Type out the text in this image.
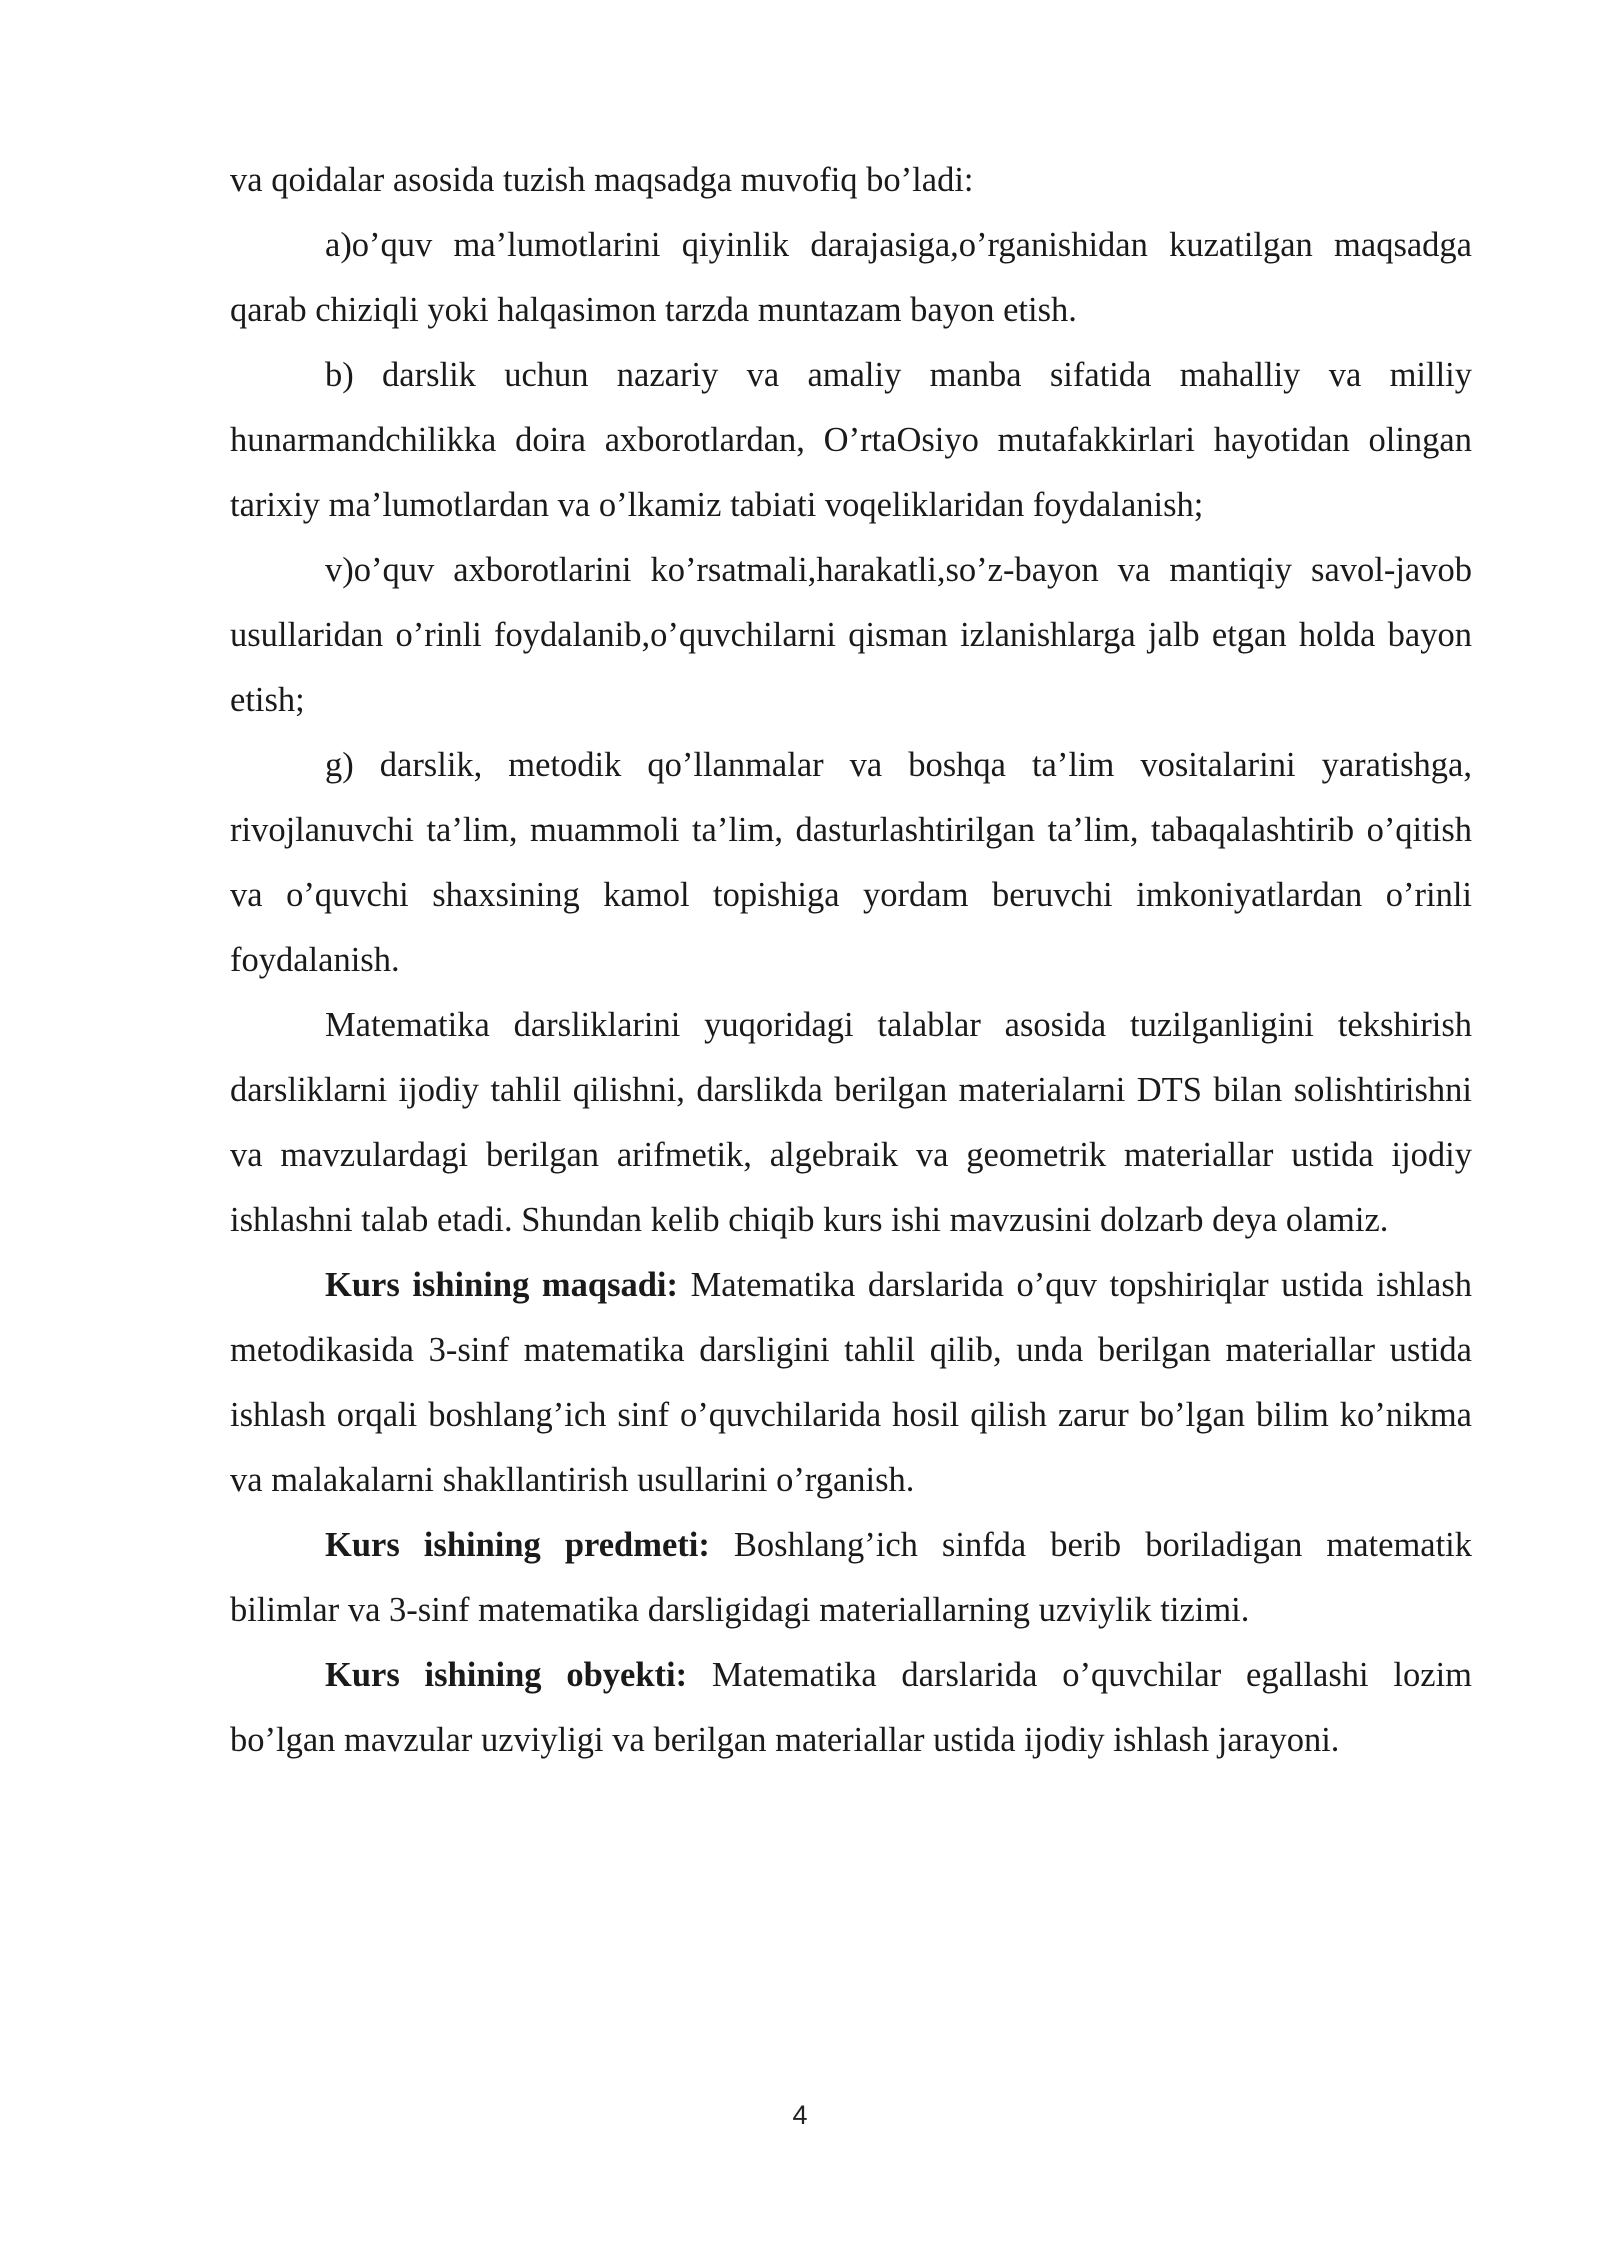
va qoidalar asosida tuzish maqsadga muvofiq bo’ladi:

a)o’quv ma’lumotlarini qiyinlik darajasiga,o’rganishidan kuzatilgan maqsadga qarab chiziqli yoki halqasimon tarzda muntazam bayon etish.

b) darslik uchun nazariy va amaliy manba sifatida mahalliy va milliy hunarmandchilikka doira axborotlardan, O’rtaOsiyo mutafakkirlari hayotidan olingan tarixiy ma’lumotlardan va o’lkamiz tabiati voqeliklaridan foydalanish;

v)o’quv axborotlarini ko’rsatmali,harakatli,so’z-bayon va mantiqiy savol-javob usullaridan o’rinli foydalanib,o’quvchilarni qisman izlanishlarga jalb etgan holda bayon etish;

g) darslik, metodik qo’llanmalar va boshqa ta’lim vositalarini yaratishga, rivojlanuvchi ta’lim, muammoli ta’lim, dasturlashtirilgan ta’lim, tabaqalashtirib o’qitish va o’quvchi shaxsining kamol topishiga yordam beruvchi imkoniyatlardan o’rinli foydalanish.

Matematika darsliklarini yuqoridagi talablar asosida tuzilganligini tekshirish darsliklarni ijodiy tahlil qilishni, darslikda berilgan materialarni DTS bilan solishtirishni va mavzulardagi berilgan arifmetik, algebraik va geometrik materiallar ustida ijodiy ishlashni talab etadi. Shundan kelib chiqib kurs ishi mavzusini dolzarb deya olamiz.

Kurs ishining maqsadi: Matematika darslarida o’quv topshiriqlar ustida ishlash metodikasida 3-sinf matematika darsligini tahlil qilib, unda berilgan materiallar ustida ishlash orqali boshlang’ich sinf o’quvchilarida hosil qilish zarur bo’lgan bilim ko’nikma va malakalarni shakllantirish usullarini o’rganish.

Kurs ishining predmeti: Boshlang’ich sinfda berib boriladigan matematik bilimlar va 3-sinf matematika darsligidagi materiallarning uzviylik tizimi.

Kurs ishining obyekti: Matematika darslarida o’quvchilar egallashi lozim bo’lgan mavzular uzviyligi va berilgan materiallar ustida ijodiy ishlash jarayoni.

4
